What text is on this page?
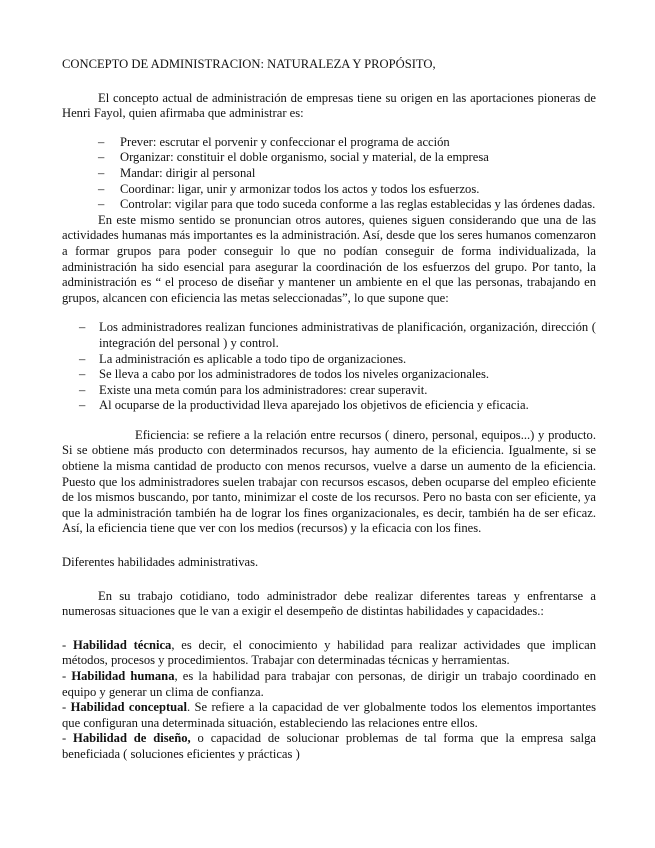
CONCEPTO DE ADMINISTRACION: NATURALEZA Y PROPÓSITO,

El concepto actual de administración de empresas tiene su origen en las aportaciones pioneras de Henri Fayol, quien afirmaba que administrar es:

– Prever: escrutar el porvenir y confeccionar el programa de acción
– Organizar: constituir el doble organismo, social y material, de la empresa
– Mandar: dirigir al personal
– Coordinar: ligar, unir y armonizar todos los actos y todos los esfuerzos.
– Controlar: vigilar para que todo suceda conforme a las reglas establecidas y las órdenes dadas.

En este mismo sentido se pronuncian otros autores, quienes siguen considerando que una de las actividades humanas más importantes es la administración. Así, desde que los seres humanos comenzaron a formar grupos para poder conseguir lo que no podían conseguir de forma individualizada, la administración ha sido esencial para asegurar la coordinación de los esfuerzos del grupo. Por tanto, la administración es “ el proceso de diseñar y mantener un ambiente en el que las personas, trabajando en grupos, alcancen con eficiencia las metas seleccionadas”, lo que supone que:

– Los administradores realizan funciones administrativas de planificación, organización, dirección ( integración del personal ) y control.
– La administración es aplicable a todo tipo de organizaciones.
– Se lleva a cabo por los administradores de todos los niveles organizacionales.
– Existe una meta común para los administradores: crear superavit.
– Al ocuparse de la productividad lleva aparejado los objetivos de eficiencia y eficacia.

Eficiencia: se refiere a la relación entre recursos ( dinero, personal, equipos...) y producto. Si se obtiene más producto con determinados recursos, hay aumento de la eficiencia. Igualmente, si se obtiene la misma cantidad de producto con menos recursos, vuelve a darse un aumento de la eficiencia. Puesto que los administradores suelen trabajar con recursos escasos, deben ocuparse del empleo eficiente de los mismos buscando, por tanto, minimizar el coste de los recursos. Pero no basta con ser eficiente, ya que la administración también ha de lograr los fines organizacionales, es decir, también ha de ser eficaz. Así, la eficiencia tiene que ver con los medios (recursos) y la eficacia con los fines.

Diferentes habilidades administrativas.

En su trabajo cotidiano, todo administrador debe realizar diferentes tareas y enfrentarse a numerosas situaciones que le van a exigir el desempeño de distintas habilidades y capacidades.:

- Habilidad técnica, es decir, el conocimiento y habilidad para realizar actividades que implican métodos, procesos y procedimientos. Trabajar con determinadas técnicas y herramientas.

- Habilidad humana, es la habilidad para trabajar con personas, de dirigir un trabajo coordinado en equipo y generar un clima de confianza.

- Habilidad conceptual. Se refiere a la capacidad de ver globalmente todos los elementos importantes que configuran una determinada situación, estableciendo las relaciones entre ellos.

- Habilidad de diseño, o capacidad de solucionar problemas de tal forma que la empresa salga beneficiada ( soluciones eficientes y prácticas )
